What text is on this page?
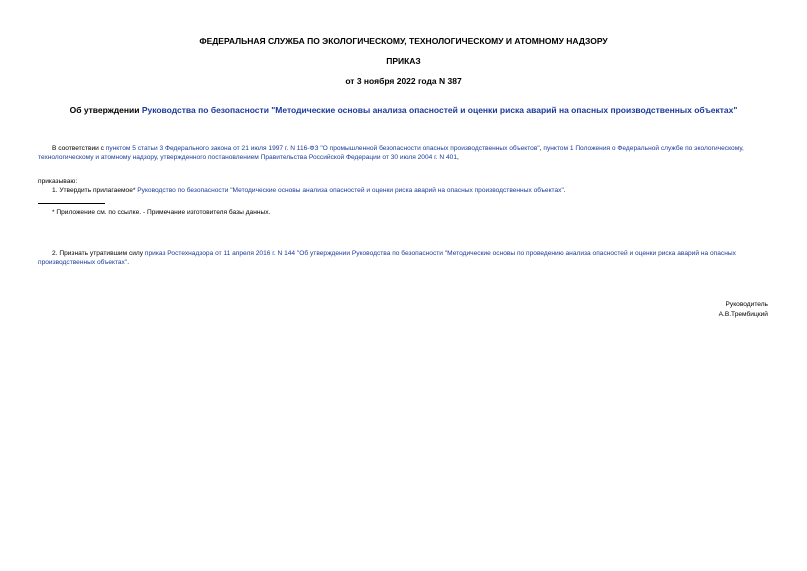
ФЕДЕРАЛЬНАЯ СЛУЖБА ПО ЭКОЛОГИЧЕСКОМУ, ТЕХНОЛОГИЧЕСКОМУ И АТОМНОМУ НАДЗОРУ
ПРИКАЗ
от 3 ноября 2022 года N 387
Об утверждении Руководства по безопасности "Методические основы анализа опасностей и оценки риска аварий на опасных производственных объектах"
В соответствии с пунктом 5 статьи 3 Федерального закона от 21 июля 1997 г. N 116-ФЗ "О промышленной безопасности опасных производственных объектов", пунктом 1 Положения о Федеральной службе по экологическому, технологическому и атомному надзору, утвержденного постановлением Правительства Российской Федерации от 30 июля 2004 г. N 401,
приказываю:
1. Утвердить прилагаемое* Руководство по безопасности "Методические основы анализа опасностей и оценки риска аварий на опасных производственных объектах".
* Приложение см. по ссылке. - Примечание изготовителя базы данных.
2. Признать утратившим силу приказ Ростехнадзора от 11 апреля 2016 г. N 144 "Об утверждении Руководства по безопасности "Методические основы по проведению анализа опасностей и оценки риска аварий на опасных производственных объектах".
Руководитель
А.В.Трембицкий
